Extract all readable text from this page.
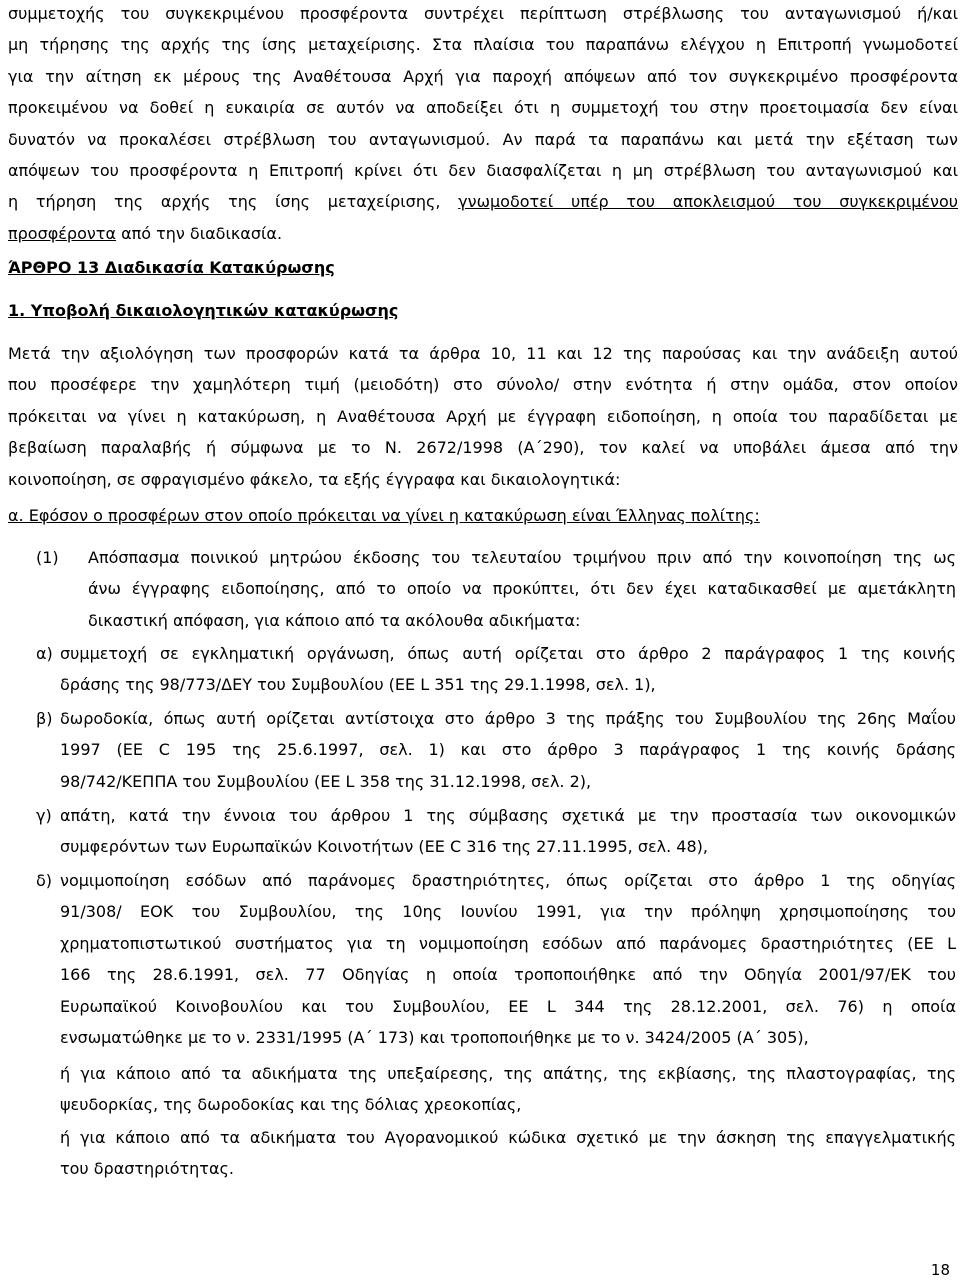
συμμετοχής του συγκεκριμένου προσφέροντα συντρέχει περίπτωση στρέβλωσης του ανταγωνισμού ή/και
μη τήρησης της αρχής της ίσης μεταχείρισης. Στα πλαίσια του παραπάνω ελέγχου η Επιτροπή γνωμοδοτεί
για την αίτηση εκ μέρους της Αναθέτουσα Αρχή για παροχή απόψεων από τον συγκεκριμένο προσφέροντα
προκειμένου να δοθεί η ευκαιρία σε αυτόν να αποδείξει ότι η συμμετοχή του στην προετοιμασία δεν είναι
δυνατόν να προκαλέσει στρέβλωση του ανταγωνισμού. Αν παρά τα παραπάνω και μετά την εξέταση των
απόψεων του προσφέροντα η Επιτροπή κρίνει ότι δεν διασφαλίζεται η μη στρέβλωση του ανταγωνισμού και
η τήρηση της αρχής της ίσης μεταχείρισης, γνωμοδοτεί υπέρ του αποκλεισμού του συγκεκριμένου
προσφέροντα από την διαδικασία.
ΆΡΘΡΟ 13 Διαδικασία Κατακύρωσης
1. Υποβολή δικαιολογητικών κατακύρωσης
Μετά την αξιολόγηση των προσφορών κατά τα άρθρα 10, 11 και 12 της παρούσας και την ανάδειξη αυτού
που προσέφερε την χαμηλότερη τιμή (μειοδότη) στο σύνολο/ στην ενότητα ή στην ομάδα, στον οποίον
πρόκειται να γίνει η κατακύρωση, η Αναθέτουσα Αρχή με έγγραφη ειδοποίηση, η οποία του παραδίδεται με
βεβαίωση παραλαβής ή σύμφωνα με το Ν. 2672/1998 (Α΄290), τον καλεί να υποβάλει άμεσα από την
κοινοποίηση, σε σφραγισμένο φάκελο, τα εξής έγγραφα και δικαιολογητικά:
α. Εφόσον ο προσφέρων στον οποίο πρόκειται να γίνει η κατακύρωση είναι Έλληνας πολίτης:
(1) Απόσπασμα ποινικού μητρώου έκδοσης του τελευταίου τριμήνου πριν από την κοινοποίηση της ως
άνω έγγραφης ειδοποίησης, από το οποίο να προκύπτει, ότι δεν έχει καταδικασθεί με αμετάκλητη
δικαστική απόφαση, για κάποιο από τα ακόλουθα αδικήματα:
α) συμμετοχή σε εγκληματική οργάνωση, όπως αυτή ορίζεται στο άρθρο 2 παράγραφος 1 της κοινής
δράσης της 98/773/ΔΕΥ του Συμβουλίου (ΕΕ L 351 της 29.1.1998, σελ. 1),
β) δωροδοκία, όπως αυτή ορίζεται αντίστοιχα στο άρθρο 3 της πράξης του Συμβουλίου της 26ης Μαΐου
1997 (ΕΕ C 195 της 25.6.1997, σελ. 1) και στο άρθρο 3 παράγραφος 1 της κοινής δράσης
98/742/ΚΕΠΠΑ του Συμβουλίου (ΕΕ L 358 της 31.12.1998, σελ. 2),
γ) απάτη, κατά την έννοια του άρθρου 1 της σύμβασης σχετικά με την προστασία των οικονομικών
συμφερόντων των Ευρωπαϊκών Κοινοτήτων (ΕΕ C 316 της 27.11.1995, σελ. 48),
δ) νομιμοποίηση εσόδων από παράνομες δραστηριότητες, όπως ορίζεται στο άρθρο 1 της οδηγίας
91/308/ ΕΟΚ του Συμβουλίου, της 10ης Ιουνίου 1991, για την πρόληψη χρησιμοποίησης του
χρηματοπιστωτικού συστήματος για τη νομιμοποίηση εσόδων από παράνομες δραστηριότητες (ΕΕ L
166 της 28.6.1991, σελ. 77 Οδηγίας η οποία τροποποιήθηκε από την Οδηγία 2001/97/ΕΚ του
Ευρωπαϊκού Κοινοβουλίου και του Συμβουλίου, ΕΕ L 344 της 28.12.2001, σελ. 76) η οποία
ενσωματώθηκε με το ν. 2331/1995 (Α΄ 173) και τροποποιήθηκε με το ν. 3424/2005 (Α΄ 305),
ή για κάποιο από τα αδικήματα της υπεξαίρεσης, της απάτης, της εκβίασης, της πλαστογραφίας, της
ψευδορκίας, της δωροδοκίας και της δόλιας χρεοκοπίας,
ή για κάποιο από τα αδικήματα του Αγορανομικού κώδικα σχετικό με την άσκηση της επαγγελματικής
του δραστηριότητας.
18
